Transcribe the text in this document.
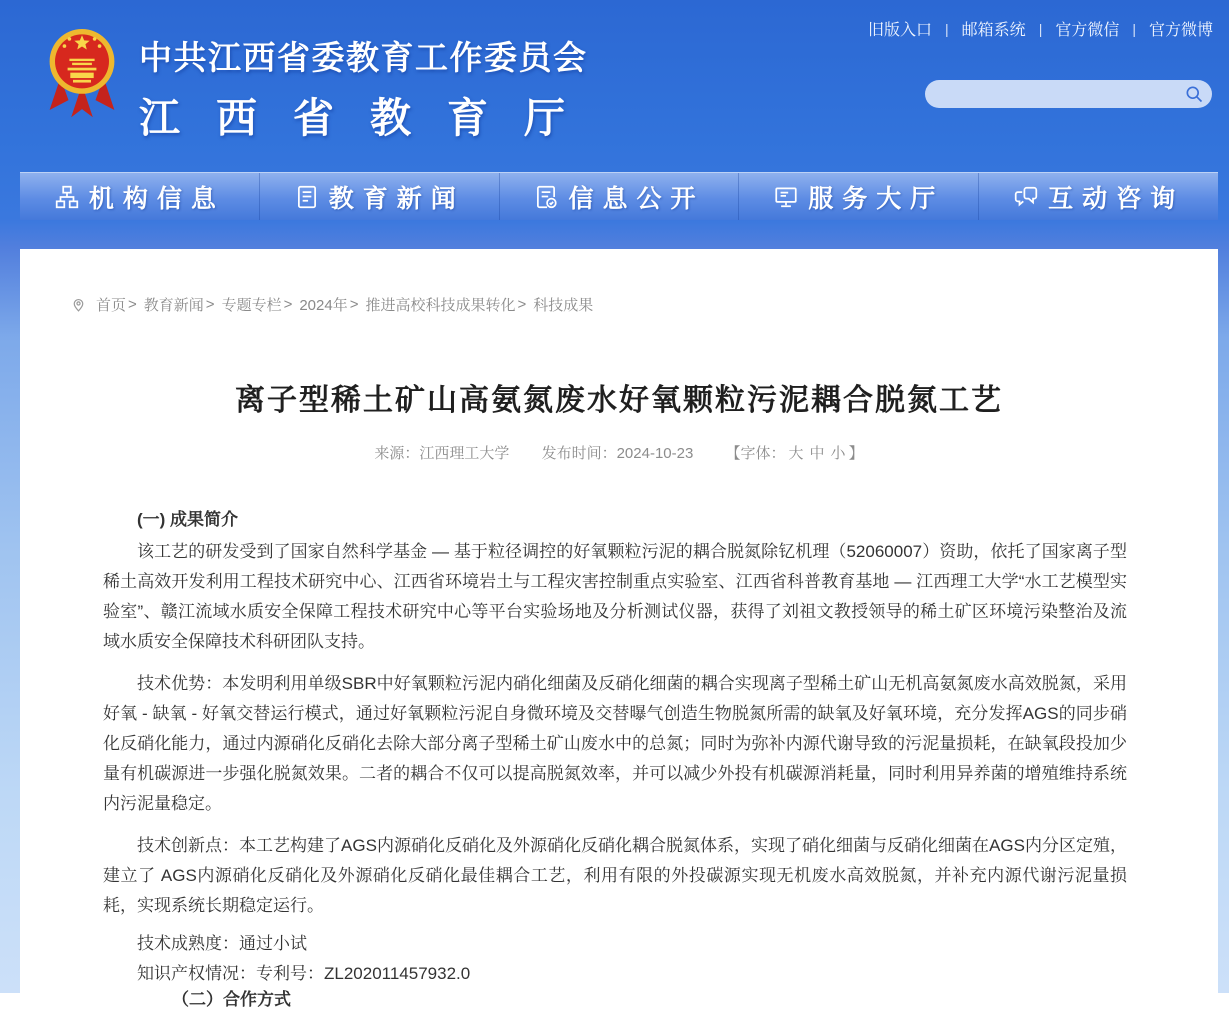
旧版入口 | 邮箱系统 | 官方微信 | 官方微博
中共江西省委教育工作委员会
江西省教育厅
机构信息	教育新闻	信息公开	服务大厅	互动咨询
首页 > 教育新闻 > 专题专栏 > 2024年 > 推进高校科技成果转化 > 科技成果
离子型稀土矿山高氨氮废水好氧颗粒污泥耦合脱氮工艺
来源：江西理工大学 发布时间：2024-10-23 【字体： 大 中 小 】

(一) 成果简介

该工艺的研发受到了国家自然科学基金 — 基于粒径调控的好氧颗粒污泥的耦合脱氮除钇机理（52060007）资助，依托了国家离子型稀土高效开发利用工程技术研究中心、江西省环境岩土与工程灾害控制重点实验室、江西省科普教育基地 — 江西理工大学“水工艺模型实验室”、赣江流域水质安全保障工程技术研究中心等平台实验场地及分析测试仪器，获得了刘祖文教授领导的稀土矿区环境污染整治及流域水质安全保障技术科研团队支持。

技术优势：本发明利用单级SBR中好氧颗粒污泥内硝化细菌及反硝化细菌的耦合实现离子型稀土矿山无机高氨氮废水高效脱氮，采用好氧 - 缺氧 - 好氧交替运行模式，通过好氧颗粒污泥自身微环境及交替曝气创造生物脱氮所需的缺氧及好氧环境，充分发挥AGS的同步硝化反硝化能力，通过内源硝化反硝化去除大部分离子型稀土矿山废水中的总氮；同时为弥补内源代谢导致的污泥量损耗，在缺氧段投加少量有机碳源进一步强化脱氮效果。二者的耦合不仅可以提高脱氮效率，并可以减少外投有机碳源消耗量，同时利用异养菌的增殖维持系统内污泥量稳定。

技术创新点：本工艺构建了AGS内源硝化反硝化及外源硝化反硝化耦合脱氮体系，实现了硝化细菌与反硝化细菌在AGS内分区定殖，建立了 AGS内源硝化反硝化及外源硝化反硝化最佳耦合工艺，利用有限的外投碳源实现无机废水高效脱氮，并补充内源代谢污泥量损耗，实现系统长期稳定运行。

技术成熟度：通过小试

知识产权情况：专利号：ZL202011457932.0

（二）合作方式
